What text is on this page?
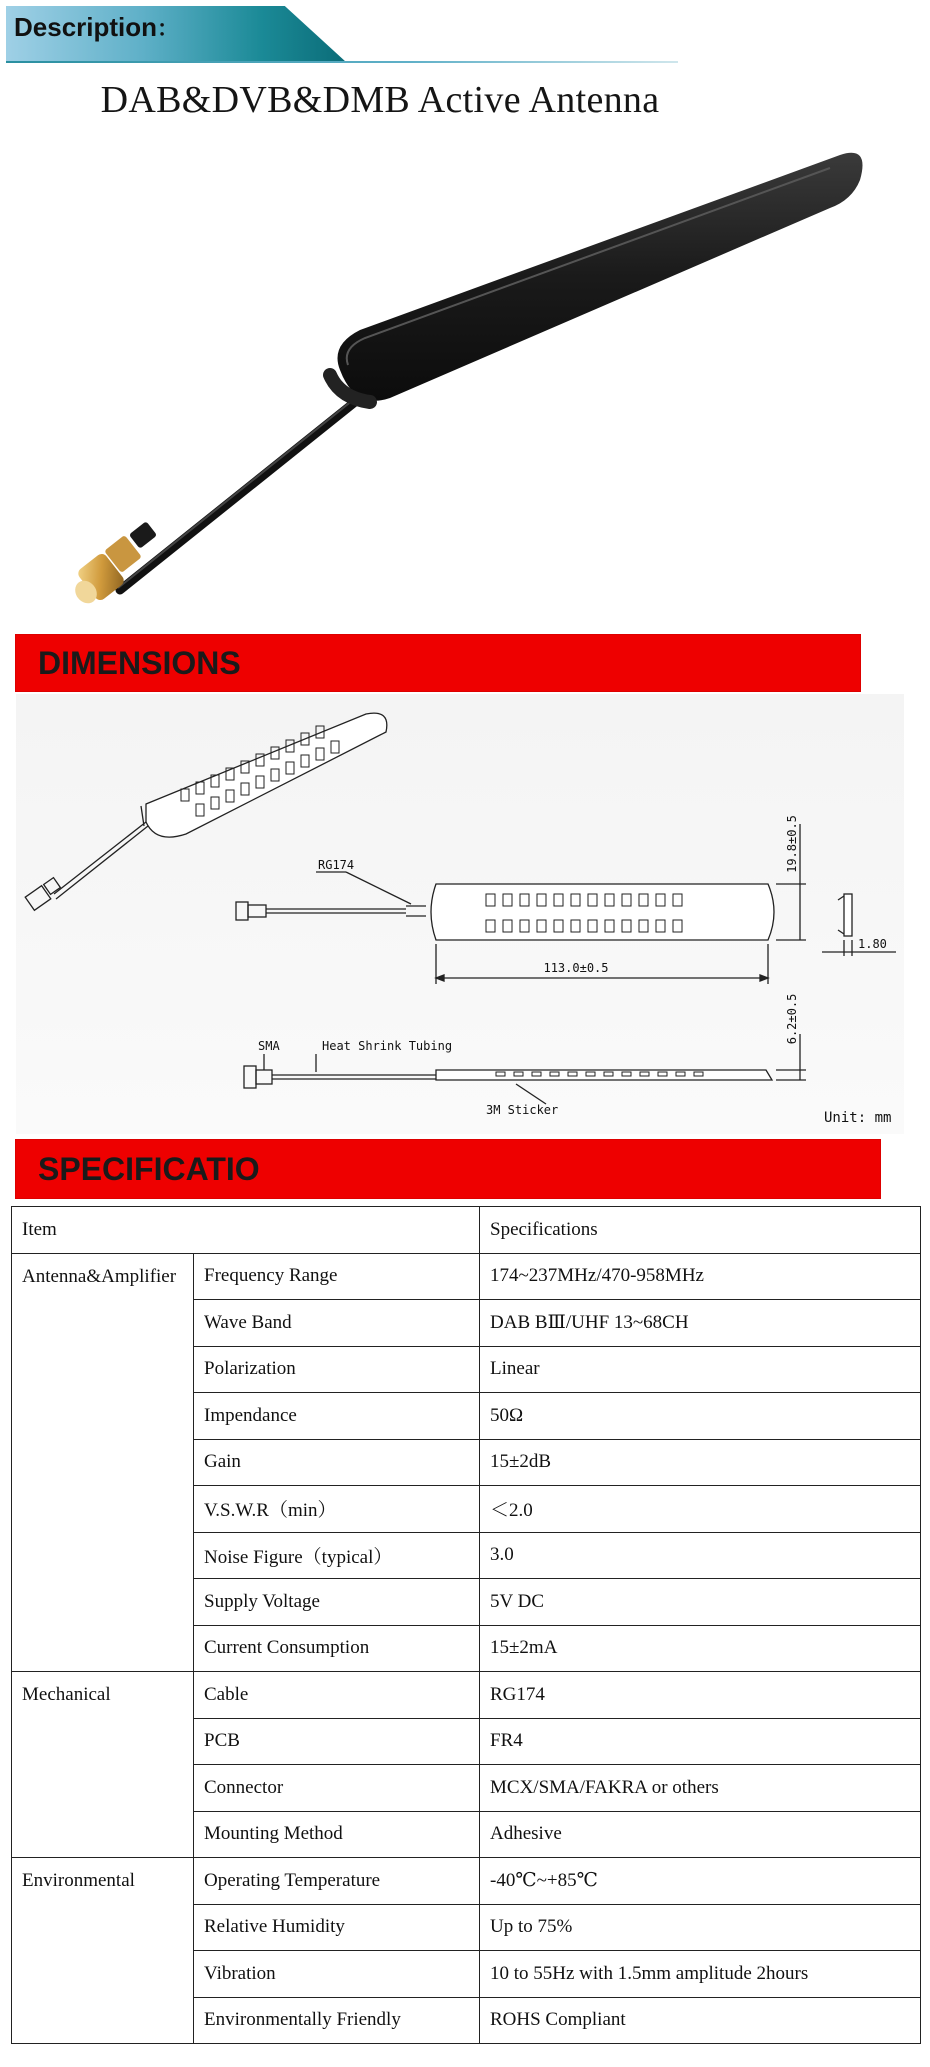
Description：
DAB&DVB&DMB Active Antenna
DIMENSIONS
RG174
113.0±0.5
19.8±0.5
1.80
SMA	Heat Shrink Tubing
3M Sticker
6.2±0.5
Unit: mm
SPECIFICATIO
Item		Specifications
Antenna&Amplifier	Frequency Range	174~237MHz/470-958MHz
	Wave Band	DAB BⅢ/UHF 13~68CH
	Polarization	Linear
	Impendance	50Ω
	Gain	15±2dB
	V.S.W.R（min）	＜2.0
	Noise Figure（typical）	3.0
	Supply Voltage	5V DC
	Current Consumption	15±2mA
Mechanical	Cable	RG174
	PCB	FR4
	Connector	MCX/SMA/FAKRA or others
	Mounting Method	Adhesive
Environmental	Operating Temperature	-40℃~+85℃
	Relative Humidity	Up to 75%
	Vibration	10 to 55Hz with 1.5mm amplitude 2hours
	Environmentally Friendly	ROHS Compliant
